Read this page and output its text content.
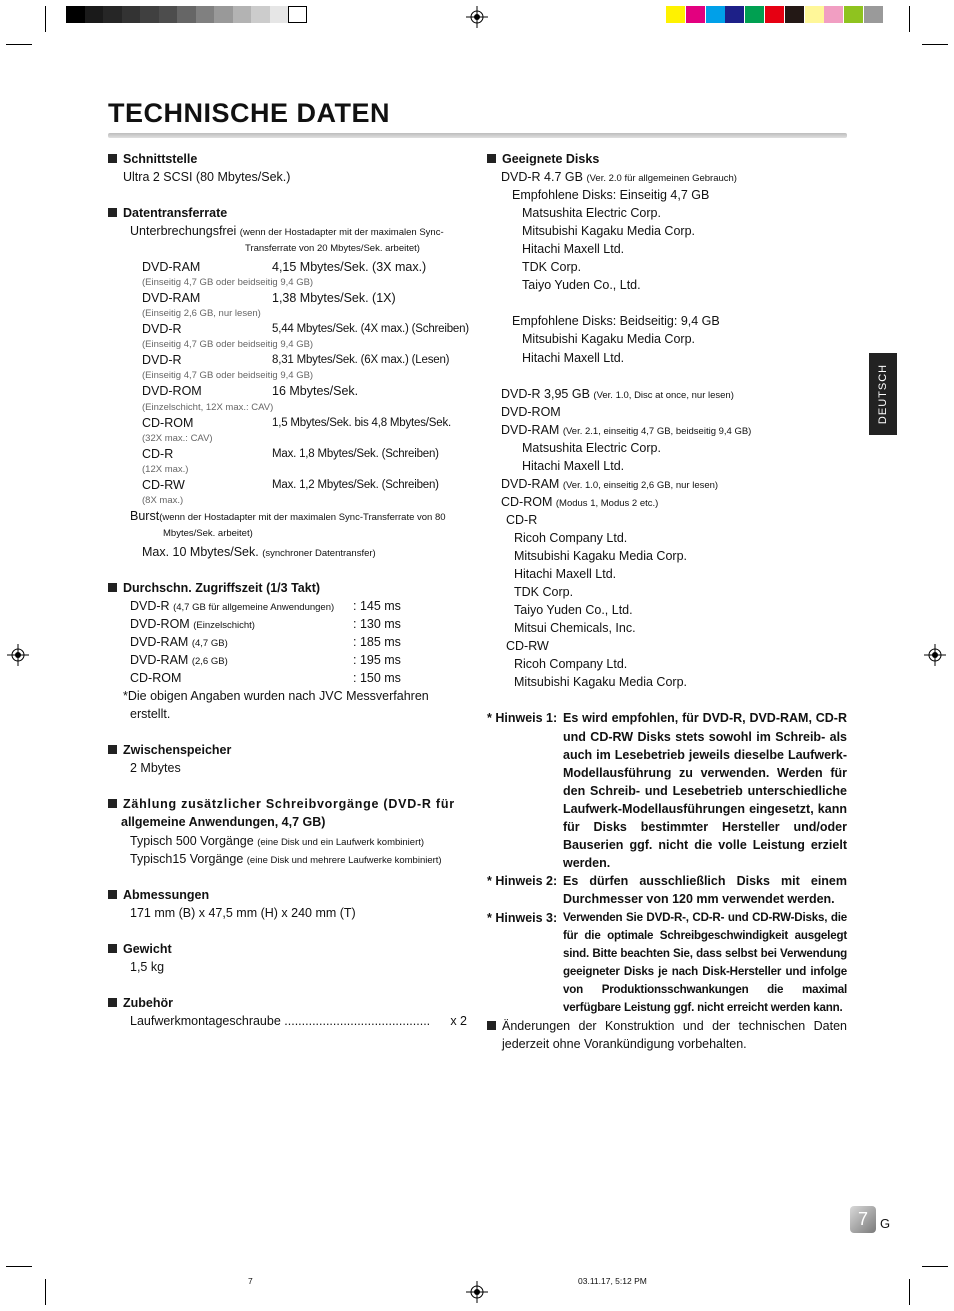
TECHNISCHE DATEN
DEUTSCH
Schnittstelle
Ultra 2 SCSI (80 Mbytes/Sek.)
Datentransferrate
Unterbrechungsfrei (wenn der Hostadapter mit der maximalen Sync-
Transferrate von 20 Mbytes/Sek. arbeitet)
DVD-RAM	4,15 Mbytes/Sek. (3X max.)
(Einseitig 4,7 GB oder beidseitig 9,4 GB)
DVD-RAM	1,38 Mbytes/Sek. (1X)
(Einseitig 2,6 GB, nur lesen)
DVD-R	5,44 Mbytes/Sek. (4X max.) (Schreiben)
(Einseitig 4,7 GB oder beidseitig 9,4 GB)
DVD-R	8,31 Mbytes/Sek. (6X max.) (Lesen)
(Einseitig 4,7 GB oder beidseitig 9,4 GB)
DVD-ROM	16 Mbytes/Sek.
(Einzelschicht, 12X max.: CAV)
CD-ROM	1,5 Mbytes/Sek. bis 4,8 Mbytes/Sek.
(32X max.: CAV)
CD-R	Max. 1,8 Mbytes/Sek. (Schreiben)
(12X max.)
CD-RW	Max. 1,2 Mbytes/Sek. (Schreiben)
(8X max.)
Burst(wenn der Hostadapter mit der maximalen Sync-Transferrate von 80
Mbytes/Sek. arbeitet)
Max. 10 Mbytes/Sek. (synchroner Datentransfer)
Durchschn. Zugriffszeit (1/3 Takt)
DVD-R (4,7 GB für allgemeine Anwendungen) : 145 ms
DVD-ROM (Einzelschicht)	: 130 ms
DVD-RAM (4,7 GB)	: 185 ms
DVD-RAM (2,6 GB)	: 195 ms
CD-ROM	: 150 ms
*Die obigen Angaben wurden nach JVC Messverfahren
erstellt.
Zwischenspeicher
2 Mbytes
Zählung zusätzlicher Schreibvorgänge (DVD-R für
allgemeine Anwendungen, 4,7 GB)
Typisch 500 Vorgänge (eine Disk und ein Laufwerk kombiniert)
Typisch15 Vorgänge (eine Disk und mehrere Laufwerke kombiniert)
Abmessungen
171 mm (B) x 47,5 mm (H) x 240 mm (T)
Gewicht
1,5 kg
Zubehör
Laufwerkmontageschraube .......................................... x 2
Geeignete Disks
DVD-R 4.7 GB (Ver. 2.0 für allgemeinen Gebrauch)
Empfohlene Disks: Einseitig 4,7 GB
Matsushita Electric Corp.
Mitsubishi Kagaku Media Corp.
Hitachi Maxell Ltd.
TDK Corp.
Taiyo Yuden Co., Ltd.
Empfohlene Disks: Beidseitig: 9,4 GB
Mitsubishi Kagaku Media Corp.
Hitachi Maxell Ltd.
DVD-R 3,95 GB (Ver. 1.0, Disc at once, nur lesen)
DVD-ROM
DVD-RAM (Ver. 2.1, einseitig 4,7 GB, beidseitig 9,4 GB)
Matsushita Electric Corp.
Hitachi Maxell Ltd.
DVD-RAM (Ver. 1.0, einseitig 2,6 GB, nur lesen)
CD-ROM (Modus 1, Modus 2 etc.)
CD-R
Ricoh Company Ltd.
Mitsubishi Kagaku Media Corp.
Hitachi Maxell Ltd.
TDK Corp.
Taiyo Yuden Co., Ltd.
Mitsui Chemicals, Inc.
CD-RW
Ricoh Company Ltd.
Mitsubishi Kagaku Media Corp.
* Hinweis 1: Es wird empfohlen, für DVD-R, DVD-RAM, CD-R und CD-RW Disks stets sowohl im Schreib- als auch im Lesebetrieb jeweils dieselbe Laufwerk-Modellausführung zu verwenden. Werden für den Schreib- und Lesebetrieb unterschiedliche Laufwerk-Modellausführungen eingesetzt, kann für Disks bestimmter Hersteller und/oder Bauserien ggf. nicht die volle Leistung erzielt werden.
* Hinweis 2: Es dürfen ausschließlich Disks mit einem Durchmesser von 120 mm verwendet werden.
* Hinweis 3: Verwenden Sie DVD-R-, CD-R- und CD-RW-Disks, die für die optimale Schreibgeschwindigkeit ausgelegt sind. Bitte beachten Sie, dass selbst bei Verwendung geeigneter Disks je nach Disk-Hersteller und infolge von Produktionsschwankungen die maximal verfügbare Leistung ggf. nicht erreicht werden kann.
Änderungen der Konstruktion und der technischen Daten jederzeit ohne Vorankündigung vorbehalten.
7 G
7	03.11.17, 5:12 PM
